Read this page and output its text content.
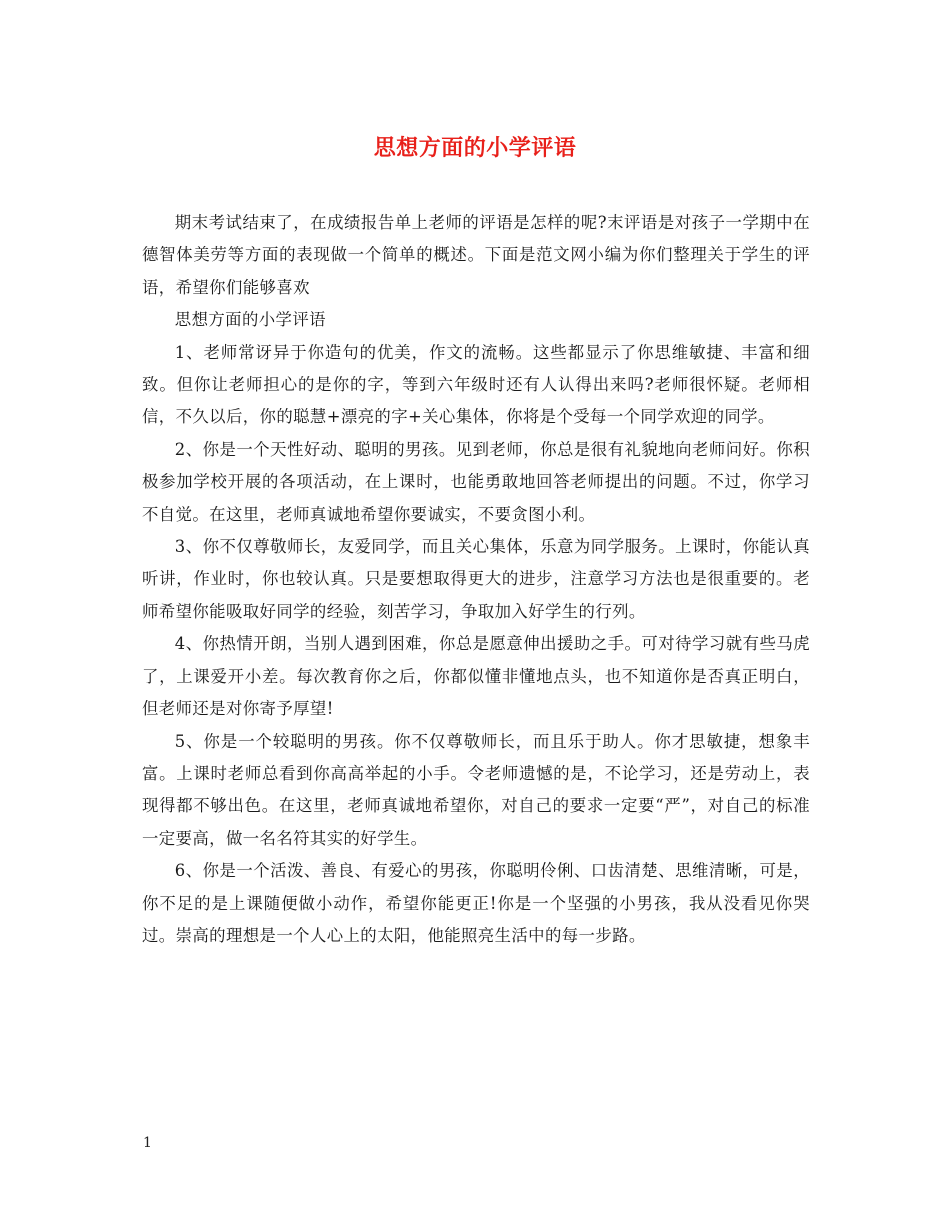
思想方面的小学评语

期末考试结束了，在成绩报告单上老师的评语是怎样的呢?末评语是对孩子一学期中在德智体美劳等方面的表现做一个简单的概述。下面是范文网小编为你们整理关于学生的评语，希望你们能够喜欢

思想方面的小学评语

1、老师常讶异于你造句的优美，作文的流畅。这些都显示了你思维敏捷、丰富和细致。但你让老师担心的是你的字，等到六年级时还有人认得出来吗?老师很怀疑。老师相信，不久以后，你的聪慧+漂亮的字+关心集体，你将是个受每一个同学欢迎的同学。

2、你是一个天性好动、聪明的男孩。见到老师，你总是很有礼貌地向老师问好。你积极参加学校开展的各项活动，在上课时，也能勇敢地回答老师提出的问题。不过，你学习不自觉。在这里，老师真诚地希望你要诚实，不要贪图小利。

3、你不仅尊敬师长，友爱同学，而且关心集体，乐意为同学服务。上课时，你能认真听讲，作业时，你也较认真。只是要想取得更大的进步，注意学习方法也是很重要的。老师希望你能吸取好同学的经验，刻苦学习，争取加入好学生的行列。

4、你热情开朗，当别人遇到困难，你总是愿意伸出援助之手。可对待学习就有些马虎了，上课爱开小差。每次教育你之后，你都似懂非懂地点头，也不知道你是否真正明白，但老师还是对你寄予厚望!

5、你是一个较聪明的男孩。你不仅尊敬师长，而且乐于助人。你才思敏捷，想象丰富。上课时老师总看到你高高举起的小手。令老师遗憾的是，不论学习，还是劳动上，表现得都不够出色。在这里，老师真诚地希望你，对自己的要求一定要“严”，对自己的标准一定要高，做一名名符其实的好学生。

6、你是一个活泼、善良、有爱心的男孩，你聪明伶俐、口齿清楚、思维清晰，可是，你不足的是上课随便做小动作，希望你能更正!你是一个坚强的小男孩，我从没看见你哭过。崇高的理想是一个人心上的太阳，他能照亮生活中的每一步路。

1
